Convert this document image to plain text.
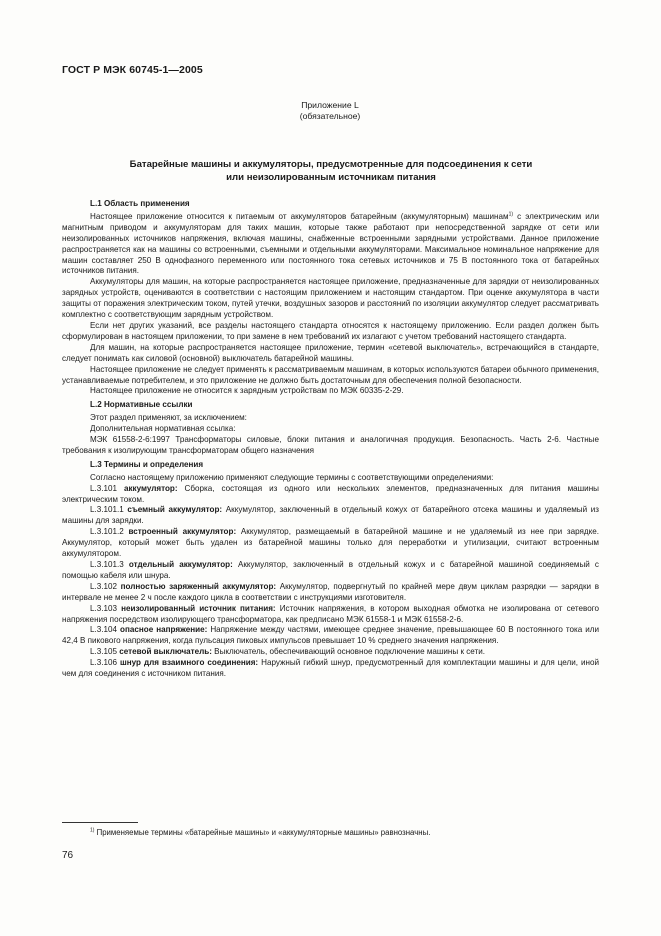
ГОСТ Р МЭК 60745-1—2005
Приложение L
(обязательное)
Батарейные машины и аккумуляторы, предусмотренные для подсоединения к сети
или неизолированным источникам питания

L.1 Область применения

Настоящее приложение относится к питаемым от аккумуляторов батарейным (аккумуляторным) машинам$^{1)}$ с электрическим или магнитным приводом и аккумуляторам для таких машин, которые также работают при непосредственной зарядке от сети или неизолированных источников напряжения, включая машины, снабженные встроенными зарядными устройствами. Данное приложение распространяется как на машины со встроенными, съемными и отдельными аккумуляторами. Максимальное номинальное напряжение для машин составляет 250 В однофазного переменного или постоянного тока сетевых источников и 75 В постоянного тока от батарейных источников питания.

Аккумуляторы для машин, на которые распространяется настоящее приложение, предназначенные для зарядки от неизолированных зарядных устройств, оцениваются в соответствии с настоящим приложением и настоящим стандартом. При оценке аккумулятора в части защиты от поражения электрическим током, путей утечки, воздушных зазоров и расстояний по изоляции аккумулятор следует рассматривать комплектно с соответствующим зарядным устройством.

Если нет других указаний, все разделы настоящего стандарта относятся к настоящему приложению. Если раздел должен быть сформулирован в настоящем приложении, то при замене в нем требований их излагают с учетом требований настоящего стандарта.

Для машин, на которые распространяется настоящее приложение, термин «сетевой выключатель», встречающийся в стандарте, следует понимать как силовой (основной) выключатель батарейной машины.

Настоящее приложение не следует применять к рассматриваемым машинам, в которых используются батареи обычного применения, устанавливаемые потребителем, и это приложение не должно быть достаточным для обеспечения полной безопасности.

Настоящее приложение не относится к зарядным устройствам по МЭК 60335-2-29.

L.2 Нормативные ссылки

Этот раздел применяют, за исключением:

Дополнительная нормативная ссылка:

МЭК 61558-2-6:1997 Трансформаторы силовые, блоки питания и аналогичная продукция. Безопасность. Часть 2-6. Частные требования к изолирующим трансформаторам общего назначения

L.3 Термины и определения

Согласно настоящему приложению применяют следующие термины с соответствующими определениями:

L.3.101 аккумулятор: Сборка, состоящая из одного или нескольких элементов, предназначенных для питания машины электрическим током.

L.3.101.1 съемный аккумулятор: Аккумулятор, заключенный в отдельный кожух от батарейного отсека машины и удаляемый из машины для зарядки.

L.3.101.2 встроенный аккумулятор: Аккумулятор, размещаемый в батарейной машине и не удаляемый из нее при зарядке. Аккумулятор, который может быть удален из батарейной машины только для переработки и утилизации, считают встроенным аккумулятором.

L.3.101.3 отдельный аккумулятор: Аккумулятор, заключенный в отдельный кожух и с батарейной машиной соединяемый с помощью кабеля или шнура.

L.3.102 полностью заряженный аккумулятор: Аккумулятор, подвергнутый по крайней мере двум циклам разрядки — зарядки в интервале не менее 2 ч после каждого цикла в соответствии с инструкциями изготовителя.

L.3.103 неизолированный источник питания: Источник напряжения, в котором выходная обмотка не изолирована от сетевого напряжения посредством изолирующего трансформатора, как предписано МЭК 61558-1 и МЭК 61558-2-6.

L.3.104 опасное напряжение: Напряжение между частями, имеющее среднее значение, превышающее 60 В постоянного тока или 42,4 В пикового напряжения, когда пульсация пиковых импульсов превышает 10 % среднего значения напряжения.

L.3.105 сетевой выключатель: Выключатель, обеспечивающий основное подключение машины к сети.

L.3.106 шнур для взаимного соединения: Наружный гибкий шнур, предусмотренный для комплектации машины и для цели, иной чем для соединения с источником питания.

$^{1)}$ Применяемые термины «батарейные машины» и «аккумуляторные машины» равнозначны.
76
